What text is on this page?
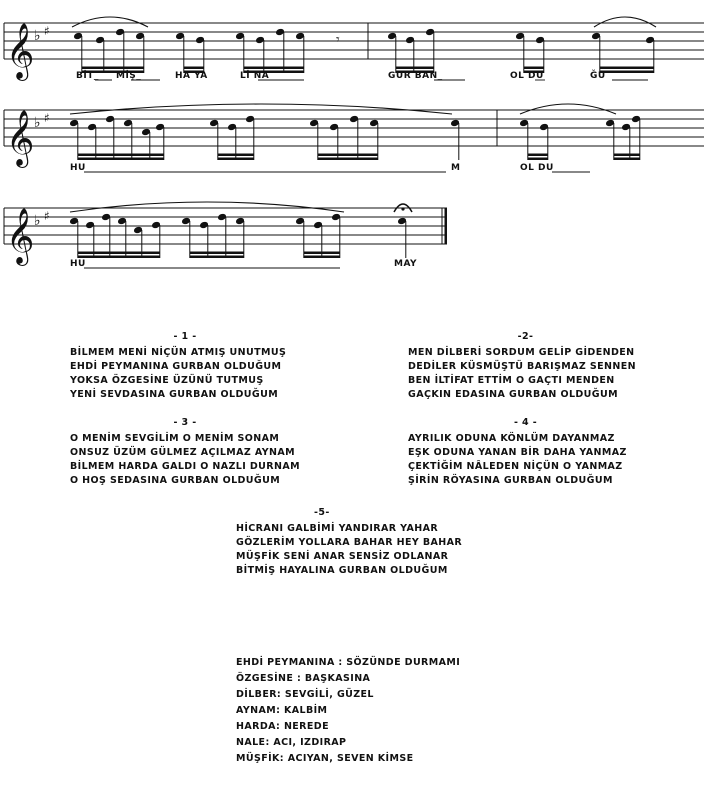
𝄞 ♭ ♯
𝄞 ♭ ♯
𝄞 ♭ ♯
𝄾
BİT_ MİŞ_	HA YA	Lİ NA	GUR BAN_	OL DU	ĞU
HU	M	OL DU
HU	MAY
- 1 -
BİLMEM MENİ NİÇÜN ATMIŞ UNUTMUŞ
EHDİ PEYMANINA GURBAN OLDUĞUM
YOKSA ÖZGESİNE ÜZÜNÜ TUTMUŞ
YENİ SEVDASINA GURBAN OLDUĞUM
-2-
MEN DİLBERİ SORDUM GELİP GİDENDEN
DEDİLER KÜSMÜŞTÜ BARIŞMAZ SENNEN
BEN İLTİFAT ETTİM O GAÇTI MENDEN
GAÇKIN EDASINA GURBAN OLDUĞUM
- 3 -
O MENİM SEVGİLİM O MENİM SONAM
ONSUZ ÜZÜM GÜLMEZ AÇILMAZ AYNAM
BİLMEM HARDA GALDI O NAZLI DURNAM
O HOŞ SEDASINA GURBAN OLDUĞUM
- 4 -
AYRILIK ODUNA KÖNLÜM DAYANMAZ
EŞK ODUNA YANAN BİR DAHA YANMAZ
ÇEKTİĞİM NÂLEDEN NİÇÜN O YANMAZ
ŞİRİN RÖYASINA GURBAN OLDUĞUM
-5-
HİCRANI GALBİMİ YANDIRAR YAHAR
GÖZLERİM YOLLARA BAHAR HEY BAHAR
MÜŞFİK SENİ ANAR SENSİZ ODLANAR
BİTMİŞ HAYALINA GURBAN OLDUĞUM
EHDİ PEYMANINA : SÖZÜNDE DURMAMI
ÖZGESİNE : BAŞKASINA
DİLBER: SEVGİLİ, GÜZEL
AYNAM: KALBİM
HARDA: NEREDE
NALE: ACI, IZDIRAP
MÜŞFİK: ACIYAN, SEVEN KİMSE
